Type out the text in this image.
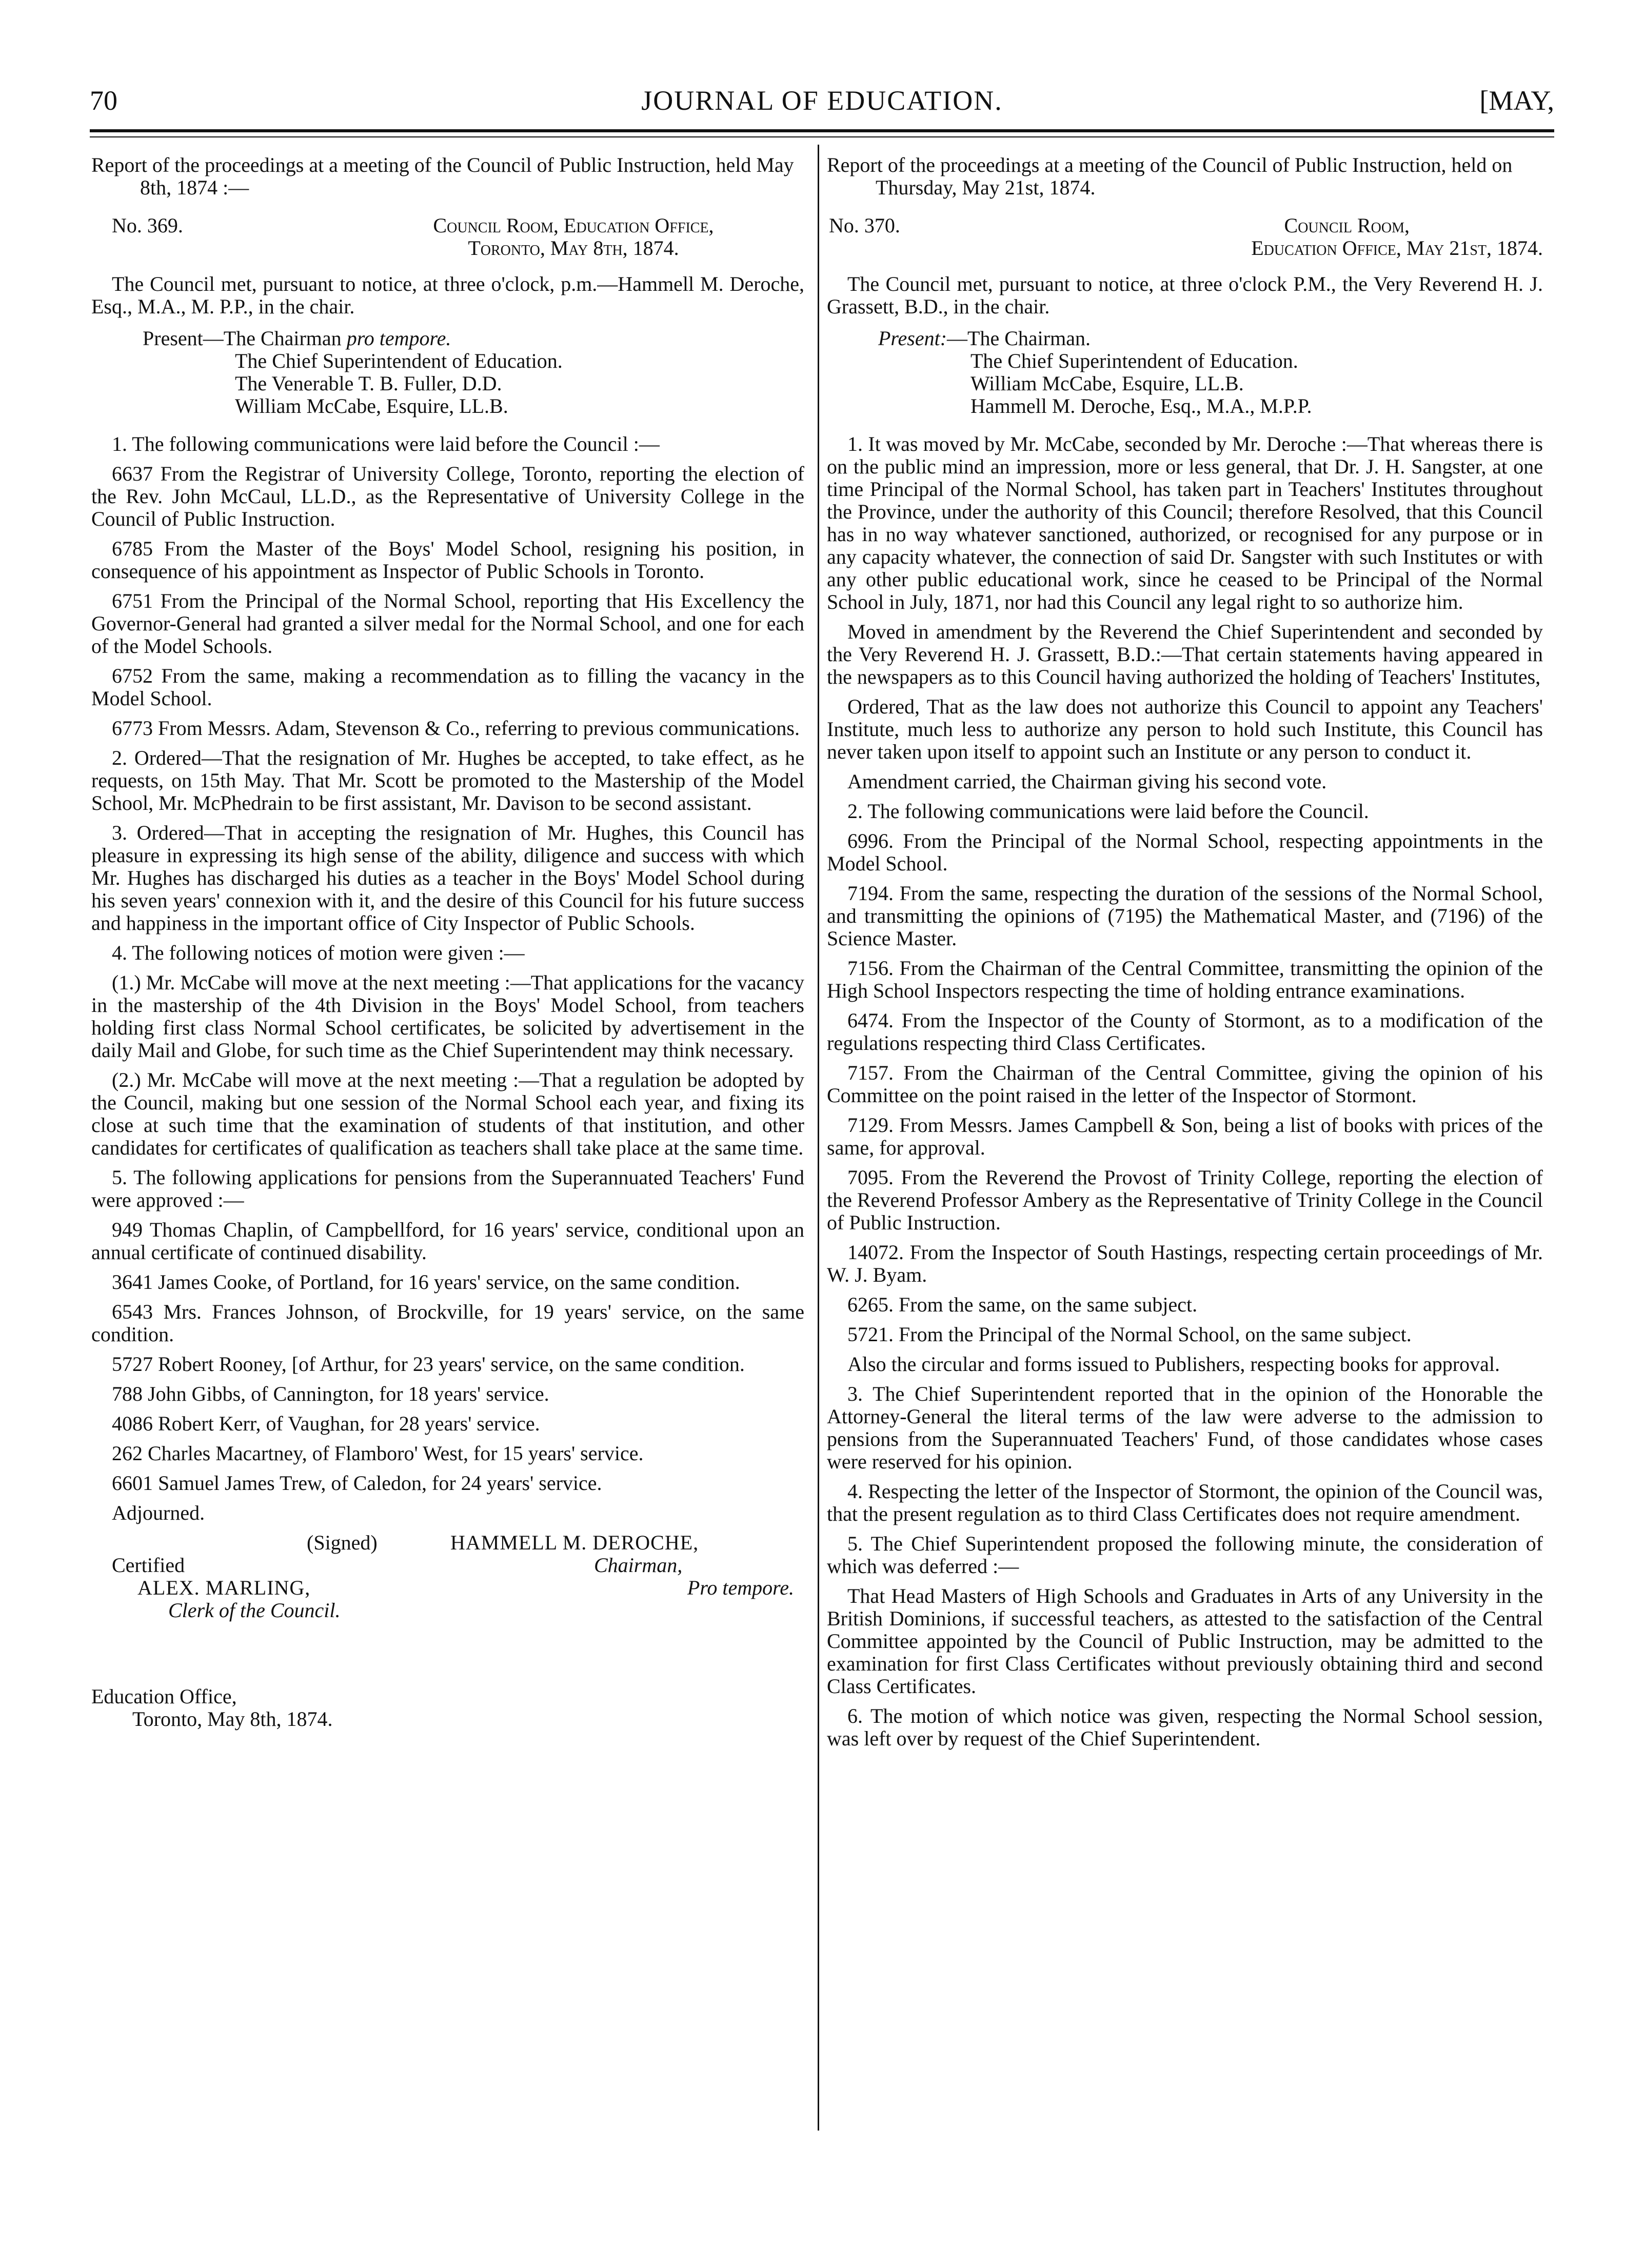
70	JOURNAL OF EDUCATION.	[MAY,

Report of the proceedings at a meeting of the Council of Public Instruction, held May 8th, 1874 :—

No. 369.	Council Room, Education Office,
Toronto, May 8th, 1874.

The Council met, pursuant to notice, at three o'clock, p.m.—Hammell M. Deroche, Esq., M.A., M. P.P., in the chair.

Present—The Chairman pro tempore.
The Chief Superintendent of Education.
The Venerable T. B. Fuller, D.D.
William McCabe, Esquire, LL.B.

1. The following communications were laid before the Council :—

6637 From the Registrar of University College, Toronto, reporting the election of the Rev. John McCaul, LL.D., as the Representative of University College in the Council of Public Instruction.

6785 From the Master of the Boys' Model School, resigning his position, in consequence of his appointment as Inspector of Public Schools in Toronto.

6751 From the Principal of the Normal School, reporting that His Excellency the Governor-General had granted a silver medal for the Normal School, and one for each of the Model Schools.

6752 From the same, making a recommendation as to filling the vacancy in the Model School.

6773 From Messrs. Adam, Stevenson & Co., referring to previous communications.

2. Ordered—That the resignation of Mr. Hughes be accepted, to take effect, as he requests, on 15th May. That Mr. Scott be promoted to the Mastership of the Model School, Mr. McPhedrain to be first assistant, Mr. Davison to be second assistant.

3. Ordered—That in accepting the resignation of Mr. Hughes, this Council has pleasure in expressing its high sense of the ability, diligence and success with which Mr. Hughes has discharged his duties as a teacher in the Boys' Model School during his seven years' connexion with it, and the desire of this Council for his future success and happiness in the important office of City Inspector of Public Schools.

4. The following notices of motion were given :—

(1.) Mr. McCabe will move at the next meeting :—That applications for the vacancy in the mastership of the 4th Division in the Boys' Model School, from teachers holding first class Normal School certificates, be solicited by advertisement in the daily Mail and Globe, for such time as the Chief Superintendent may think necessary.

(2.) Mr. McCabe will move at the next meeting :—That a regulation be adopted by the Council, making but one session of the Normal School each year, and fixing its close at such time that the examination of students of that institution, and other candidates for certificates of qualification as teachers shall take place at the same time.

5. The following applications for pensions from the Superannuated Teachers' Fund were approved :—

949 Thomas Chaplin, of Campbellford, for 16 years' service, conditional upon an annual certificate of continued disability.

3641 James Cooke, of Portland, for 16 years' service, on the same condition.

6543 Mrs. Frances Johnson, of Brockville, for 19 years' service, on the same condition.

5727 Robert Rooney, [of Arthur, for 23 years' service, on the same condition.

788 John Gibbs, of Cannington, for 18 years' service.

4086 Robert Kerr, of Vaughan, for 28 years' service.

262 Charles Macartney, of Flamboro' West, for 15 years' service.

6601 Samuel James Trew, of Caledon, for 24 years' service.

Adjourned.

(Signed)	HAMMELL M. DEROCHE,
Certified	Chairman,
ALEX. MARLING,	Pro tempore.
Clerk of the Council.
Education Office,
Toronto, May 8th, 1874.

Report of the proceedings at a meeting of the Council of Public Instruction, held on Thursday, May 21st, 1874.

No. 370.	Council Room,
Education Office, May 21st, 1874.

The Council met, pursuant to notice, at three o'clock P.M., the Very Reverend H. J. Grassett, B.D., in the chair.

Present:—The Chairman.
The Chief Superintendent of Education.
William McCabe, Esquire, LL.B.
Hammell M. Deroche, Esq., M.A., M.P.P.

1. It was moved by Mr. McCabe, seconded by Mr. Deroche :—That whereas there is on the public mind an impression, more or less general, that Dr. J. H. Sangster, at one time Principal of the Normal School, has taken part in Teachers' Institutes throughout the Province, under the authority of this Council; therefore Resolved, that this Council has in no way whatever sanctioned, authorized, or recognised for any purpose or in any capacity whatever, the connection of said Dr. Sangster with such Institutes or with any other public educational work, since he ceased to be Principal of the Normal School in July, 1871, nor had this Council any legal right to so authorize him.

Moved in amendment by the Reverend the Chief Superintendent and seconded by the Very Reverend H. J. Grassett, B.D.:—That certain statements having appeared in the newspapers as to this Council having authorized the holding of Teachers' Institutes,

Ordered, That as the law does not authorize this Council to appoint any Teachers' Institute, much less to authorize any person to hold such Institute, this Council has never taken upon itself to appoint such an Institute or any person to conduct it.

Amendment carried, the Chairman giving his second vote.

2. The following communications were laid before the Council.

6996. From the Principal of the Normal School, respecting appointments in the Model School.

7194. From the same, respecting the duration of the sessions of the Normal School, and transmitting the opinions of (7195) the Mathematical Master, and (7196) of the Science Master.

7156. From the Chairman of the Central Committee, transmitting the opinion of the High School Inspectors respecting the time of holding entrance examinations.

6474. From the Inspector of the County of Stormont, as to a modification of the regulations respecting third Class Certificates.

7157. From the Chairman of the Central Committee, giving the opinion of his Committee on the point raised in the letter of the Inspector of Stormont.

7129. From Messrs. James Campbell & Son, being a list of books with prices of the same, for approval.

7095. From the Reverend the Provost of Trinity College, reporting the election of the Reverend Professor Ambery as the Representative of Trinity College in the Council of Public Instruction.

14072. From the Inspector of South Hastings, respecting certain proceedings of Mr. W. J. Byam.

6265. From the same, on the same subject.

5721. From the Principal of the Normal School, on the same subject.

Also the circular and forms issued to Publishers, respecting books for approval.

3. The Chief Superintendent reported that in the opinion of the Honorable the Attorney-General the literal terms of the law were adverse to the admission to pensions from the Superannuated Teachers' Fund, of those candidates whose cases were reserved for his opinion.

4. Respecting the letter of the Inspector of Stormont, the opinion of the Council was, that the present regulation as to third Class Certificates does not require amendment.

5. The Chief Superintendent proposed the following minute, the consideration of which was deferred :—

That Head Masters of High Schools and Graduates in Arts of any University in the British Dominions, if successful teachers, as attested to the satisfaction of the Central Committee appointed by the Council of Public Instruction, may be admitted to the examination for first Class Certificates without previously obtaining third and second Class Certificates.

6. The motion of which notice was given, respecting the Normal School session, was left over by request of the Chief Superintendent.
